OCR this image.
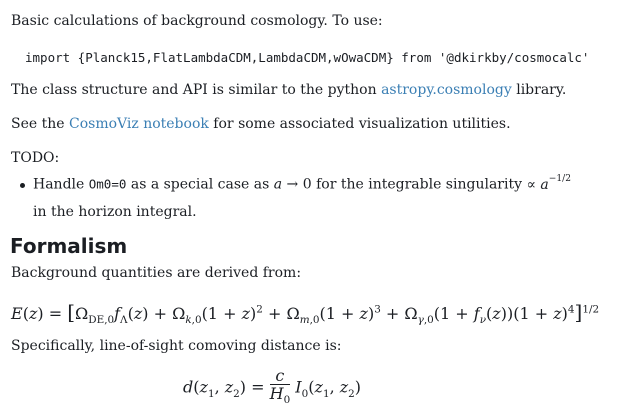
Basic calculations of background cosmology. To use:
import {Planck15,FlatLambdaCDM,LambdaCDM,wOwaCDM} from '@dkirkby/cosmocalc'
The class structure and API is similar to the python astropy.cosmology library.
See the CosmoViz notebook for some associated visualization utilities.
TODO:
Handle Om0=0 as a special case as a → 0 for the integrable singularity ∝ $a^{-1/2}$
in the horizon integral.
Formalism
Background quantities are derived from:
$E(z) = [\Omega_{DE,0}f_\Lambda(z) + \Omega_{k,0}(1 + z)^2 + \Omega_{m,0}(1 + z)^3 + \Omega_{\gamma,0}(1 + f_\nu(z))(1 + z)^4]^{1/2}$
Specifically, line-of-sight comoving distance is:
$d(z_1$, $z_2) = \frac{c}{H_0} I_0(z_1$, $z_2$)
